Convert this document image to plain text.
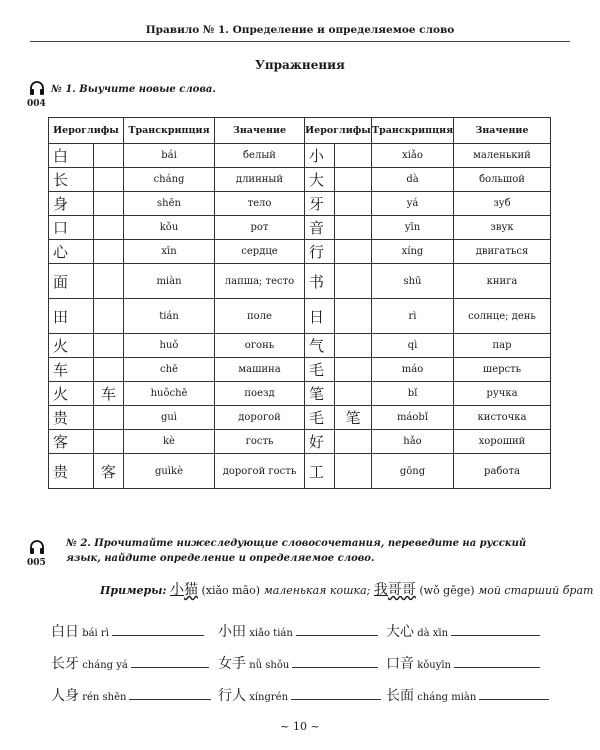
Правило № 1. Определение и определяемое слово
Упражнения
004
№ 1. Выучите новые слова.
Иероглифы		Транскрипция	Значение	Иероглифы		Транскрипция	Значение
白		bái	белый	小		xiǎo	маленький
长		cháng	длинный	大		dà	большой
身		shēn	тело	牙		yá	зуб
口		kǒu	рот	音		yīn	звук
心		xīn	сердце	行		xíng	двигаться
面		miàn	лапша; тесто	书		shū	книга
田		tián	поле	日		rì	солнце; день
火		huǒ	огонь	气		qì	пар
车		chē	машина	毛		máo	шерсть
火	车	huǒchē	поезд	笔		bǐ	ручка
贵		guì	дорогой	毛	笔	máobǐ	кисточка
客		kè	гость	好		hǎo	хороший
贵	客	guìkè	дорогой гость	工		gōng	работа
005
№ 2. Прочитайте нижеследующие словосочетания, переведите на русский язык, найдите определение и определяемое слово.
Примеры: 小猫 (xiǎo māo) маленькая кошка; 我哥哥 (wǒ gēge) мой старший брат
白日 bái rì	小田 xiǎo tián	大心 dà xīn
长牙 cháng yá	女手 nǚ shǒu	口音 kǒuyīn
人身 rén shēn	行人 xíngrén	长面 cháng miàn
~ 10 ~
